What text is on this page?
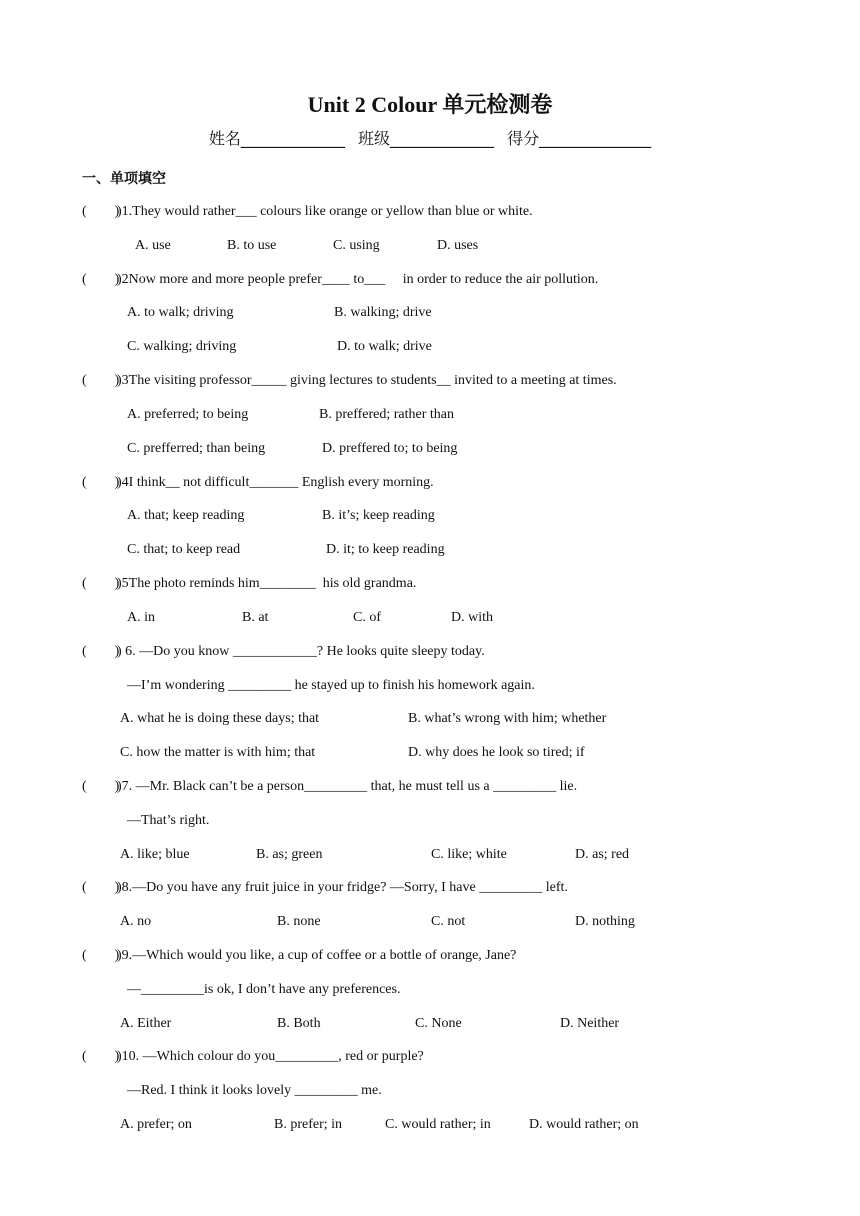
Unit 2 Colour 单元检测卷
姓名_____________ 班级_____________ 得分______________
一、单项填空
(        )
)1.They would rather___ colours like orange or yellow than blue or white.
A. use	B. to use	C. using	D. uses
(        )
)2Now more and more people prefer____ to___     in order to reduce the air pollution.
A. to walk; driving	B. walking; drive
C. walking; driving	D. to walk; drive
(        )
)3The visiting professor_____ giving lectures to students__ invited to a meeting at times.
A. preferred; to being	B. preffered; rather than
C. prefferred; than being	D. preffered to; to being
(        )
)4I think__ not difficult_______ English every morning.
A. that; keep reading	B. it’s; keep reading
C. that; to keep read	D. it; to keep reading
(        )
)5The photo reminds him________  his old grandma.
A. in	B. at	C. of	D. with
(        )
) 6. —Do you know ____________? He looks quite sleepy today.
—I’m wondering _________ he stayed up to finish his homework again.
A. what he is doing these days; that	B. what’s wrong with him; whether
C. how the matter is with him; that	D. why does he look so tired; if
(        )
)7. —Mr. Black can’t be a person_________ that, he must tell us a _________ lie.
—That’s right.
A. like; blue	B. as; green	C. like; white	D. as; red
(        )
)8.—Do you have any fruit juice in your fridge? —Sorry, I have _________ left.
A. no	B. none	C. not	D. nothing
(        )
)9.—Which would you like, a cup of coffee or a bottle of orange, Jane?
—_________is ok, I don’t have any preferences.
A. Either	B. Both	C. None	D. Neither
(        )
)10. —Which colour do you_________, red or purple?
—Red. I think it looks lovely _________ me.
A. prefer; on	B. prefer; in	C. would rather; in	D. would rather; on
